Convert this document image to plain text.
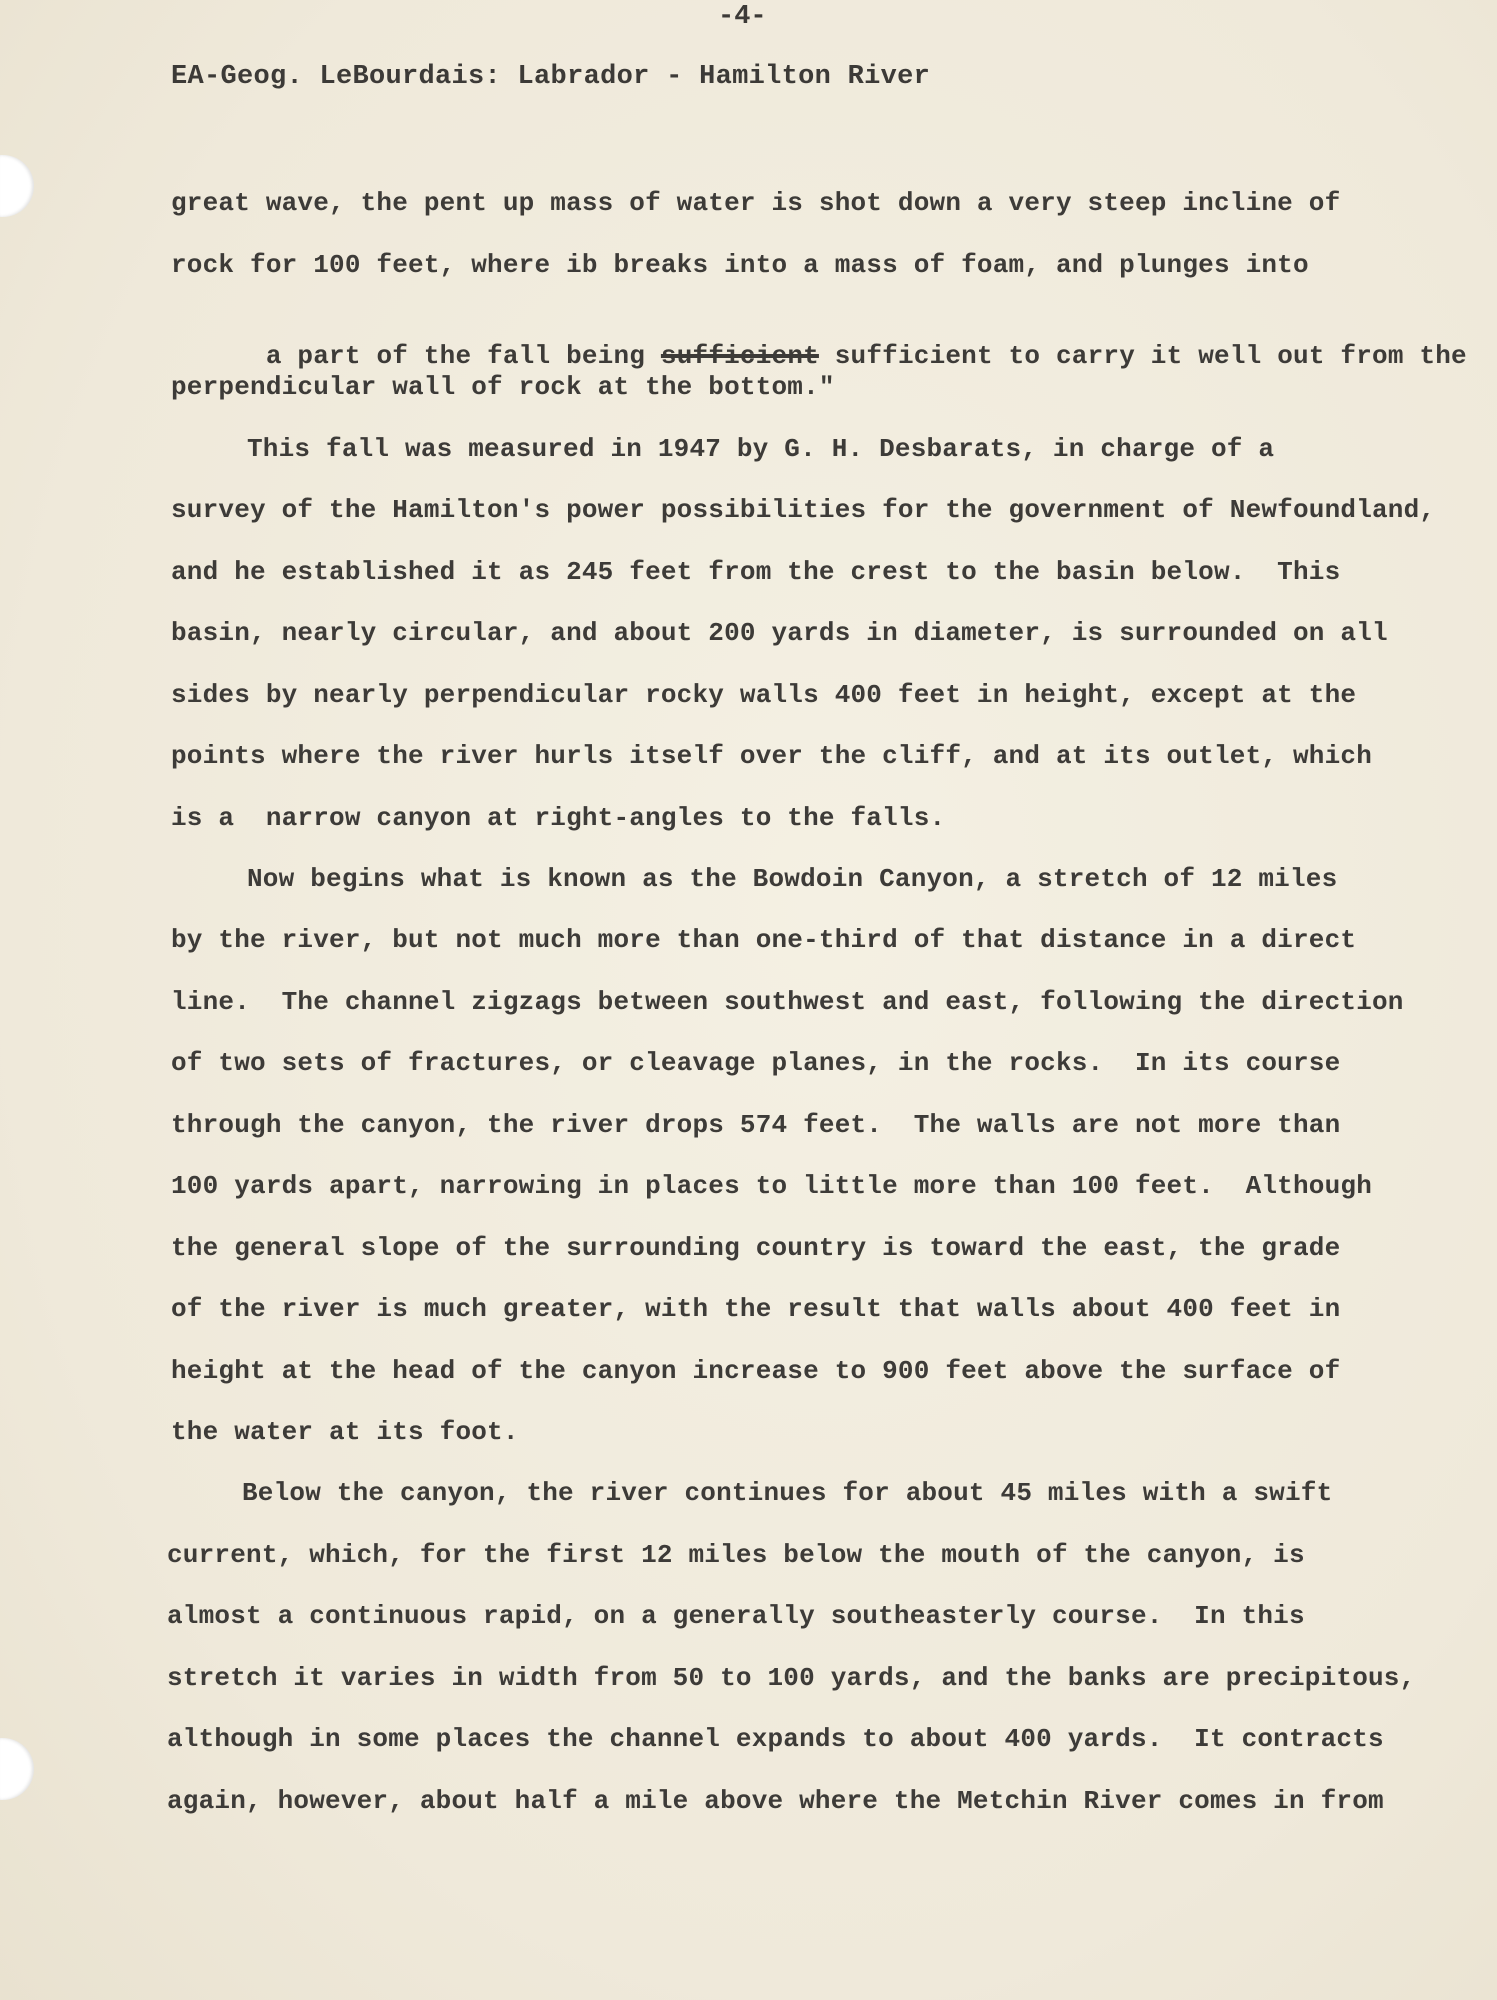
-4-
EA-Geog. LeBourdais: Labrador - Hamilton River
great wave, the pent up mass of water is shot down a very steep incline of
rock for 100 feet, where ib breaks into a mass of foam, and plunges into

a part of the fall being sufficient sufficient to carry it well out from the

perpendicular wall of rock at the bottom."
This fall was measured in 1947 by G. H. Desbarats, in charge of a
survey of the Hamilton's power possibilities for the government of Newfoundland,
and he established it as 245 feet from the crest to the basin below.  This
basin, nearly circular, and about 200 yards in diameter, is surrounded on all
sides by nearly perpendicular rocky walls 400 feet in height, except at the
points where the river hurls itself over the cliff, and at its outlet, which
is a  narrow canyon at right-angles to the falls.
Now begins what is known as the Bowdoin Canyon, a stretch of 12 miles
by the river, but not much more than one-third of that distance in a direct
line.  The channel zigzags between southwest and east, following the direction
of two sets of fractures, or cleavage planes, in the rocks.  In its course
through the canyon, the river drops 574 feet.  The walls are not more than
100 yards apart, narrowing in places to little more than 100 feet.  Although
the general slope of the surrounding country is toward the east, the grade
of the river is much greater, with the result that walls about 400 feet in
height at the head of the canyon increase to 900 feet above the surface of
the water at its foot.
Below the canyon, the river continues for about 45 miles with a swift
current, which, for the first 12 miles below the mouth of the canyon, is
almost a continuous rapid, on a generally southeasterly course.  In this
stretch it varies in width from 50 to 100 yards, and the banks are precipitous,
although in some places the channel expands to about 400 yards.  It contracts
again, however, about half a mile above where the Metchin River comes in from
